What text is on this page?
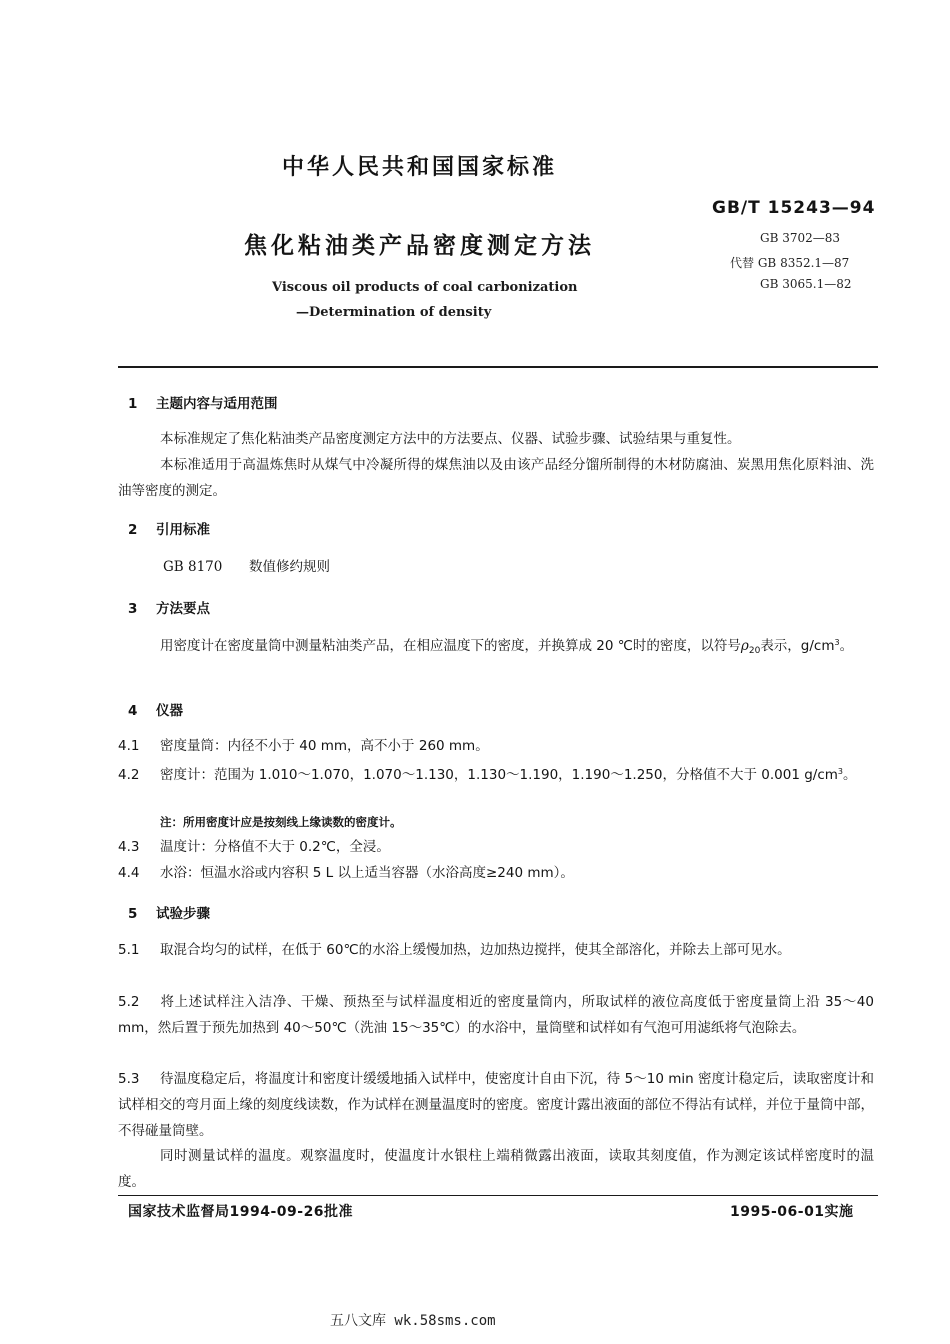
中华人民共和国国家标准
GB/T 15243—94
GB 3702—83
代替 GB 8352.1—87
GB 3065.1—82
焦化粘油类产品密度测定方法
Viscous oil products of coal carbonization
—Determination of density
1 主题内容与适用范围
本标准规定了焦化粘油类产品密度测定方法中的方法要点、仪器、试验步骤、试验结果与重复性。
本标准适用于高温炼焦时从煤气中冷凝所得的煤焦油以及由该产品经分馏所制得的木材防腐油、炭黑用焦化原料油、洗油等密度的测定。
2 引用标准
GB 8170 数值修约规则
3 方法要点
用密度计在密度量筒中测量粘油类产品，在相应温度下的密度，并换算成 20 ℃时的密度，以符号$\rho_{20}$表示，$g/cm^3$。
4 仪器
4.1 密度量筒：内径不小于 40 mm，高不小于 260 mm。
4.2 密度计：范围为 1.010～1.070，1.070～1.130，1.130～1.190，1.190～1.250，分格值不大于 0.001 $g/cm^3$。
注：所用密度计应是按刻线上缘读数的密度计。
4.3 温度计：分格值不大于 0.2℃，全浸。
4.4 水浴：恒温水浴或内容积 5 L 以上适当容器（水浴高度≥240 mm）。
5 试验步骤
5.1 取混合均匀的试样，在低于 60℃的水浴上缓慢加热，边加热边搅拌，使其全部溶化，并除去上部可见水。
5.2 将上述试样注入洁净、干燥、预热至与试样温度相近的密度量筒内，所取试样的液位高度低于密度量筒上沿 35～40 mm，然后置于预先加热到 40～50℃（洗油 15～35℃）的水浴中，量筒壁和试样如有气泡可用滤纸将气泡除去。
5.3 待温度稳定后，将温度计和密度计缓缓地插入试样中，使密度计自由下沉，待 5～10 min 密度计稳定后，读取密度计和试样相交的弯月面上缘的刻度线读数，作为试样在测量温度时的密度。密度计露出液面的部位不得沾有试样，并位于量筒中部，不得碰量筒壁。
同时测量试样的温度。观察温度时，使温度计水银柱上端稍微露出液面，读取其刻度值，作为测定该试样密度时的温度。
国家技术监督局1994-09-26批准	1995-06-01实施
五八文库 wk.58sms.com
